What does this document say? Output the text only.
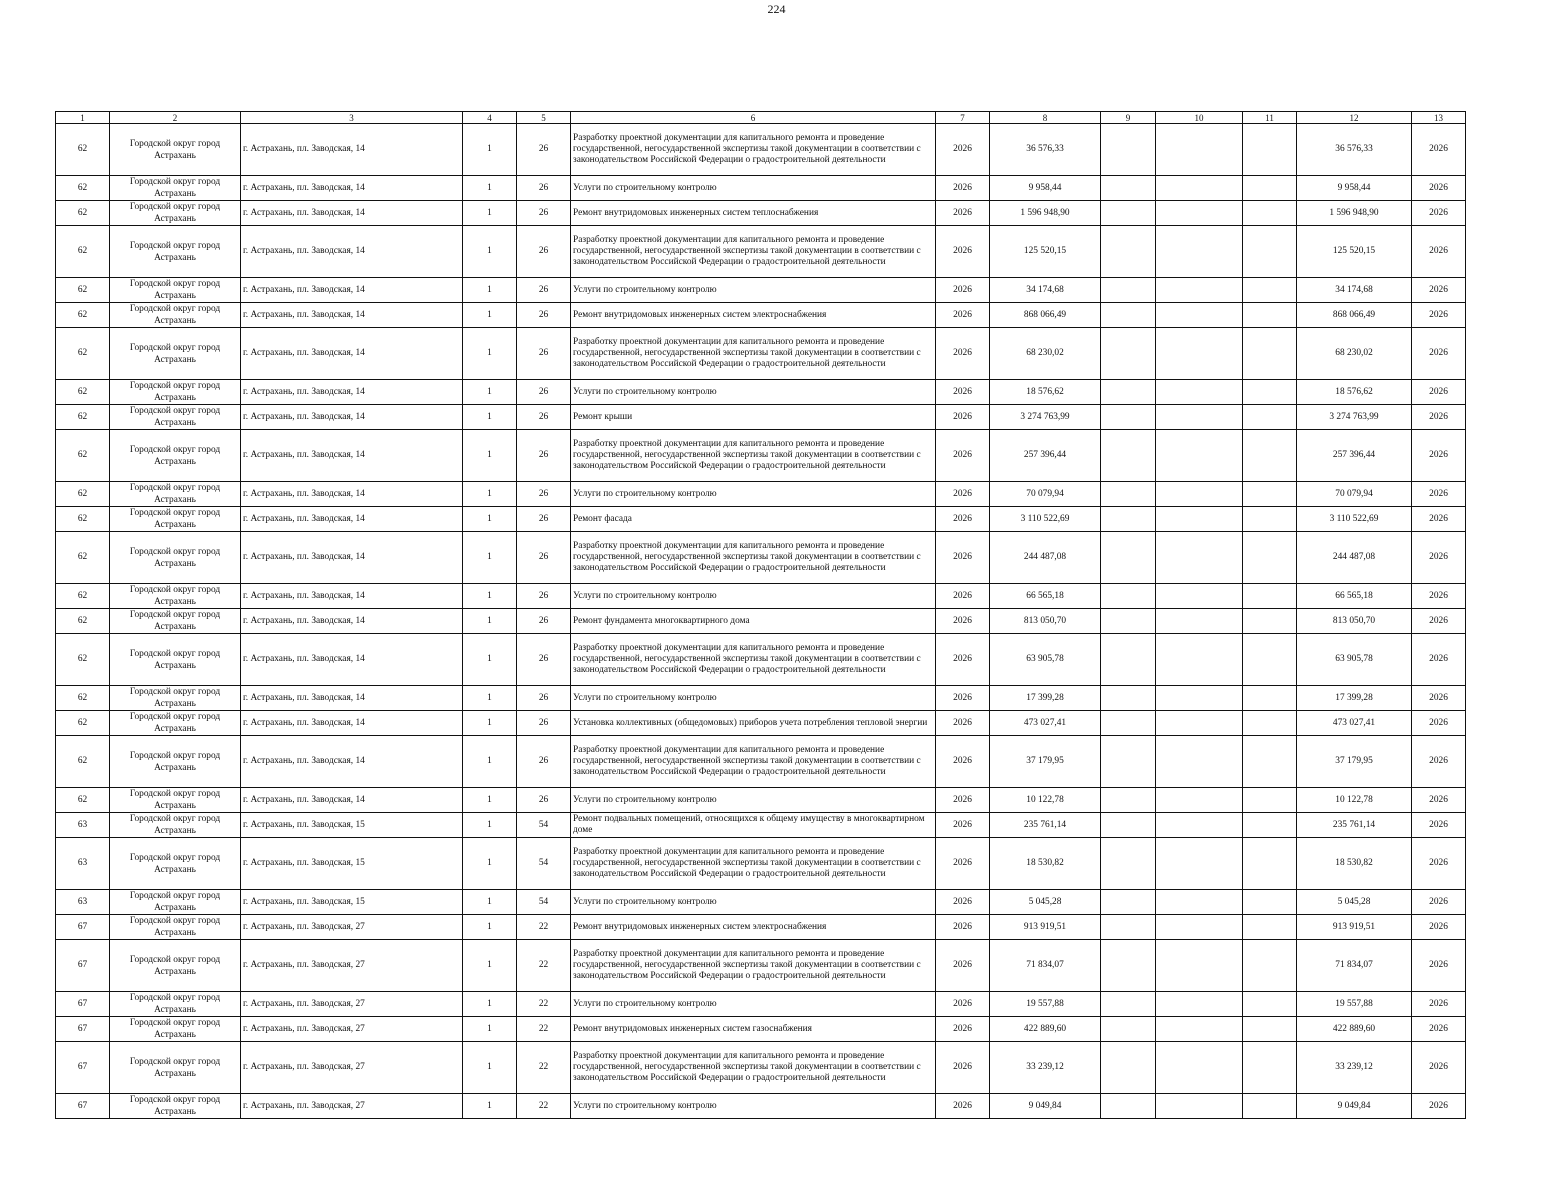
224
1	2	3	4	5	6	7	8	9	10	11	12	13
62	Городской округ город Астрахань	г. Астрахань, пл. Заводская, 14	1	26	Разработку проектной документации для капитального ремонта и проведение государственной, негосударственной экспертизы такой документации в соответствии с законодательством Российской Федерации о градостроительной деятельности	2026	36 576,33				36 576,33	2026
62	Городской округ город Астрахань	г. Астрахань, пл. Заводская, 14	1	26	Услуги по строительному контролю	2026	9 958,44				9 958,44	2026
62	Городской округ город Астрахань	г. Астрахань, пл. Заводская, 14	1	26	Ремонт внутридомовых инженерных систем теплоснабжения	2026	1 596 948,90				1 596 948,90	2026
62	Городской округ город Астрахань	г. Астрахань, пл. Заводская, 14	1	26	Разработку проектной документации для капитального ремонта и проведение государственной, негосударственной экспертизы такой документации в соответствии с законодательством Российской Федерации о градостроительной деятельности	2026	125 520,15				125 520,15	2026
62	Городской округ город Астрахань	г. Астрахань, пл. Заводская, 14	1	26	Услуги по строительному контролю	2026	34 174,68				34 174,68	2026
62	Городской округ город Астрахань	г. Астрахань, пл. Заводская, 14	1	26	Ремонт внутридомовых инженерных систем электроснабжения	2026	868 066,49				868 066,49	2026
62	Городской округ город Астрахань	г. Астрахань, пл. Заводская, 14	1	26	Разработку проектной документации для капитального ремонта и проведение государственной, негосударственной экспертизы такой документации в соответствии с законодательством Российской Федерации о градостроительной деятельности	2026	68 230,02				68 230,02	2026
62	Городской округ город Астрахань	г. Астрахань, пл. Заводская, 14	1	26	Услуги по строительному контролю	2026	18 576,62				18 576,62	2026
62	Городской округ город Астрахань	г. Астрахань, пл. Заводская, 14	1	26	Ремонт крыши	2026	3 274 763,99				3 274 763,99	2026
62	Городской округ город Астрахань	г. Астрахань, пл. Заводская, 14	1	26	Разработку проектной документации для капитального ремонта и проведение государственной, негосударственной экспертизы такой документации в соответствии с законодательством Российской Федерации о градостроительной деятельности	2026	257 396,44				257 396,44	2026
62	Городской округ город Астрахань	г. Астрахань, пл. Заводская, 14	1	26	Услуги по строительному контролю	2026	70 079,94				70 079,94	2026
62	Городской округ город Астрахань	г. Астрахань, пл. Заводская, 14	1	26	Ремонт фасада	2026	3 110 522,69				3 110 522,69	2026
62	Городской округ город Астрахань	г. Астрахань, пл. Заводская, 14	1	26	Разработку проектной документации для капитального ремонта и проведение государственной, негосударственной экспертизы такой документации в соответствии с законодательством Российской Федерации о градостроительной деятельности	2026	244 487,08				244 487,08	2026
62	Городской округ город Астрахань	г. Астрахань, пл. Заводская, 14	1	26	Услуги по строительному контролю	2026	66 565,18				66 565,18	2026
62	Городской округ город Астрахань	г. Астрахань, пл. Заводская, 14	1	26	Ремонт фундамента многоквартирного дома	2026	813 050,70				813 050,70	2026
62	Городской округ город Астрахань	г. Астрахань, пл. Заводская, 14	1	26	Разработку проектной документации для капитального ремонта и проведение государственной, негосударственной экспертизы такой документации в соответствии с законодательством Российской Федерации о градостроительной деятельности	2026	63 905,78				63 905,78	2026
62	Городской округ город Астрахань	г. Астрахань, пл. Заводская, 14	1	26	Услуги по строительному контролю	2026	17 399,28				17 399,28	2026
62	Городской округ город Астрахань	г. Астрахань, пл. Заводская, 14	1	26	Установка коллективных (общедомовых) приборов учета потребления тепловой энергии	2026	473 027,41				473 027,41	2026
62	Городской округ город Астрахань	г. Астрахань, пл. Заводская, 14	1	26	Разработку проектной документации для капитального ремонта и проведение государственной, негосударственной экспертизы такой документации в соответствии с законодательством Российской Федерации о градостроительной деятельности	2026	37 179,95				37 179,95	2026
62	Городской округ город Астрахань	г. Астрахань, пл. Заводская, 14	1	26	Услуги по строительному контролю	2026	10 122,78				10 122,78	2026
63	Городской округ город Астрахань	г. Астрахань, пл. Заводская, 15	1	54	Ремонт подвальных помещений, относящихся к общему имуществу в многоквартирном доме	2026	235 761,14				235 761,14	2026
63	Городской округ город Астрахань	г. Астрахань, пл. Заводская, 15	1	54	Разработку проектной документации для капитального ремонта и проведение государственной, негосударственной экспертизы такой документации в соответствии с законодательством Российской Федерации о градостроительной деятельности	2026	18 530,82				18 530,82	2026
63	Городской округ город Астрахань	г. Астрахань, пл. Заводская, 15	1	54	Услуги по строительному контролю	2026	5 045,28				5 045,28	2026
67	Городской округ город Астрахань	г. Астрахань, пл. Заводская, 27	1	22	Ремонт внутридомовых инженерных систем электроснабжения	2026	913 919,51				913 919,51	2026
67	Городской округ город Астрахань	г. Астрахань, пл. Заводская, 27	1	22	Разработку проектной документации для капитального ремонта и проведение государственной, негосударственной экспертизы такой документации в соответствии с законодательством Российской Федерации о градостроительной деятельности	2026	71 834,07				71 834,07	2026
67	Городской округ город Астрахань	г. Астрахань, пл. Заводская, 27	1	22	Услуги по строительному контролю	2026	19 557,88				19 557,88	2026
67	Городской округ город Астрахань	г. Астрахань, пл. Заводская, 27	1	22	Ремонт внутридомовых инженерных систем газоснабжения	2026	422 889,60				422 889,60	2026
67	Городской округ город Астрахань	г. Астрахань, пл. Заводская, 27	1	22	Разработку проектной документации для капитального ремонта и проведение государственной, негосударственной экспертизы такой документации в соответствии с законодательством Российской Федерации о градостроительной деятельности	2026	33 239,12				33 239,12	2026
67	Городской округ город Астрахань	г. Астрахань, пл. Заводская, 27	1	22	Услуги по строительному контролю	2026	9 049,84				9 049,84	2026
